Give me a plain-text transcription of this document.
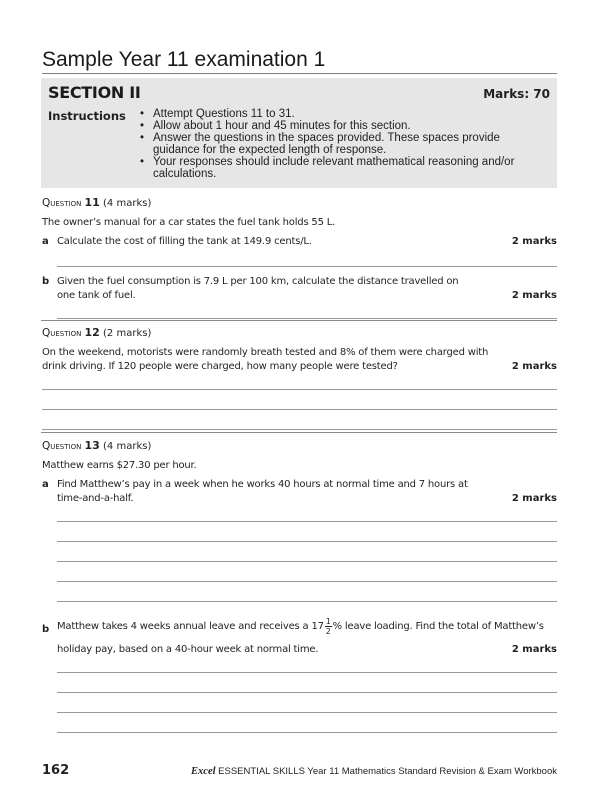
Sample Year 11 examination 1
SECTION II	Marks: 70
Instructions
•	Attempt Questions 11 to 31.
• Allow about 1 hour and 45 minutes for this section.
• Answer the questions in the spaces provided. These spaces provide guidance for the expected length of response.
• Your responses should include relevant mathematical reasoning and/or calculations.
Question 11 (4 marks)
The owner’s manual for a car states the fuel tank holds 55 L.
a Calculate the cost of filling the tank at 149.9 cents/L.	2 marks
b Given the fuel consumption is 7.9 L per 100 km, calculate the distance travelled on
one tank of fuel.	2 marks
Question 12 (2 marks)
On the weekend, motorists were randomly breath tested and 8% of them were charged with
drink driving. If 120 people were charged, how many people were tested?	2 marks
Question 13 (4 marks)
Matthew earns $27.30 per hour.
a Find Matthew’s pay in a week when he works 40 hours at normal time and 7 hours at
time-and-a-half.	2 marks
b Matthew takes 4 weeks annual leave and receives a $17 \frac{1}{2}$ % leave loading. Find the total of Matthew’s
holiday pay, based on a 40-hour week at normal time.	2 marks
162	Excel ESSENTIAL SKILLS Year 11 Mathematics Standard Revision & Exam Workbook
